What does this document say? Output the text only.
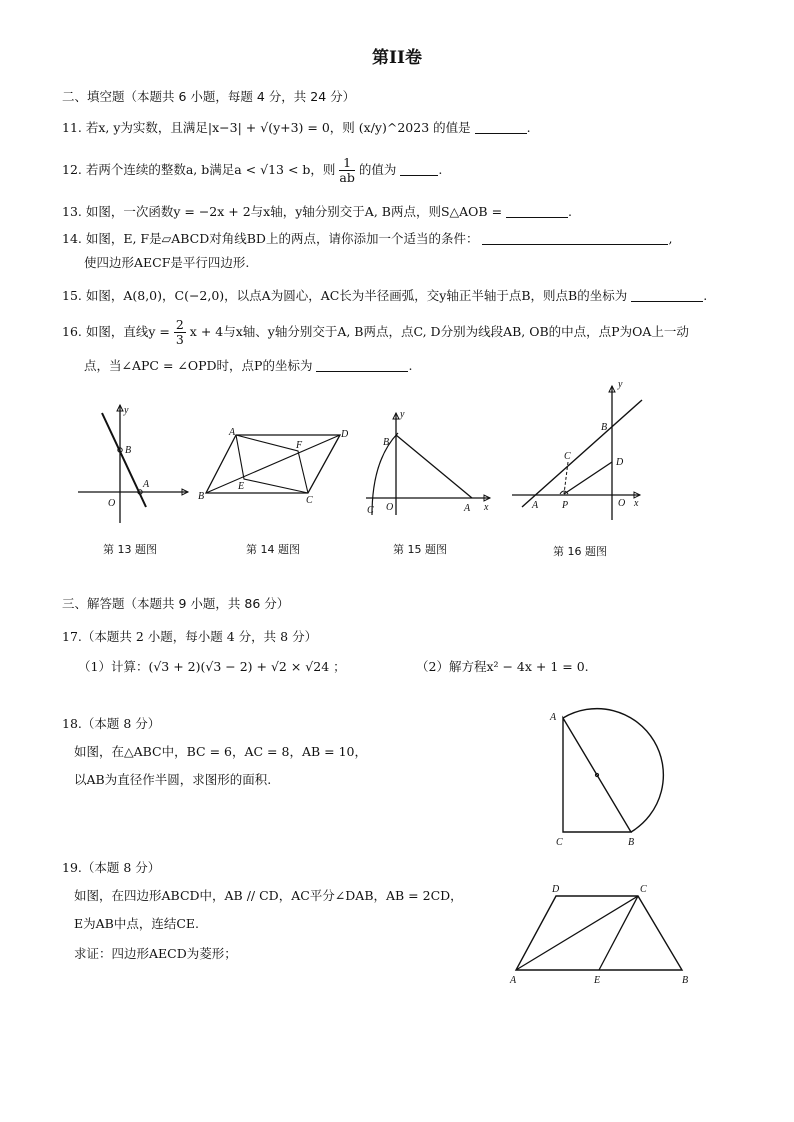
第II卷
二、填空题（本题共 6 小题，每题 4 分，共 24 分）
11. 若x, y为实数，且满足|x−3| + √(y+3) = 0，则 (x/y)^2023 的值是	.
12. 若两个连续的整数a, b满足a < √13 < b，则 $\frac{1}{ab}$ 的值为	.
13. 如图，一次函数y = −2x + 2与x轴，y轴分别交于A, B两点，则S△AOB =	.
14. 如图，E, F是▱ABCD对角线BD上的两点，请你添加一个适当的条件：	,
使四边形AECF是平行四边形.
15. 如图，A(8,0)，C(−2,0)，以点A为圆心，AC长为半径画弧，交y轴正半轴于点B，则点B的坐标为	.
16. 如图，直线$y = \frac{2}{3}$ x + 4与x轴、y轴分别交于A, B两点，点C, D分别为线段AB, OB的中点，点P为OA上一动
点，当∠APC = ∠OPD时，点P的坐标为	.
y
B
A
O
A	D
F
E
B	C
y
B
C O	A x
y
B
C
D
A P	O x
第 13 题图	第 14 题图	第 15 题图	第 16 题图
三、解答题（本题共 9 小题，共 86 分）
17.（本题共 2 小题，每小题 4 分，共 8 分）
（1）计算：(√3 + 2)(√3 − 2) + √2 × √24 ；	（2）解方程x² − 4x + 1 = 0.
18.（本题 8 分）
如图，在△ABC中，BC = 6，AC = 8，AB = 10，
以AB为直径作半圆，求图形的面积.
A
C	B
19.（本题 8 分）
如图，在四边形ABCD中，AB // CD，AC平分∠DAB，AB = 2CD，
E为AB中点，连结CE.
求证：四边形AECD为菱形；
D	C
A	E	B
